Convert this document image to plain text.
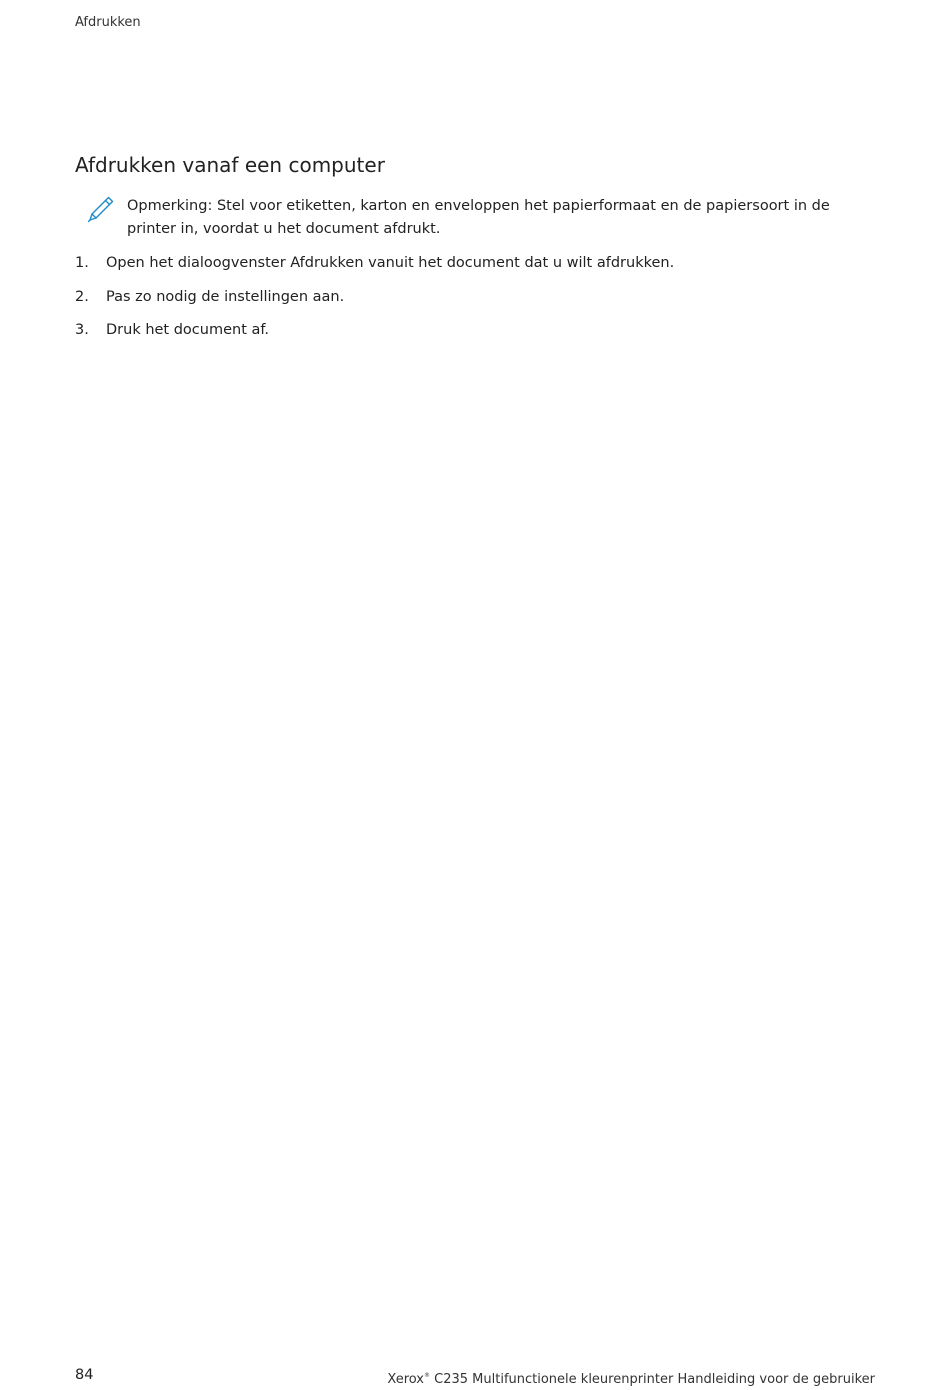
Afdrukken
Afdrukken vanaf een computer
Opmerking: Stel voor etiketten, karton en enveloppen het papierformaat en de papiersoort in de printer in, voordat u het document afdrukt.
1.	Open het dialoogvenster Afdrukken vanuit het document dat u wilt afdrukken.
2.	Pas zo nodig de instellingen aan.
3.	Druk het document af.
84	Xerox® C235 Multifunctionele kleurenprinter Handleiding voor de gebruiker
